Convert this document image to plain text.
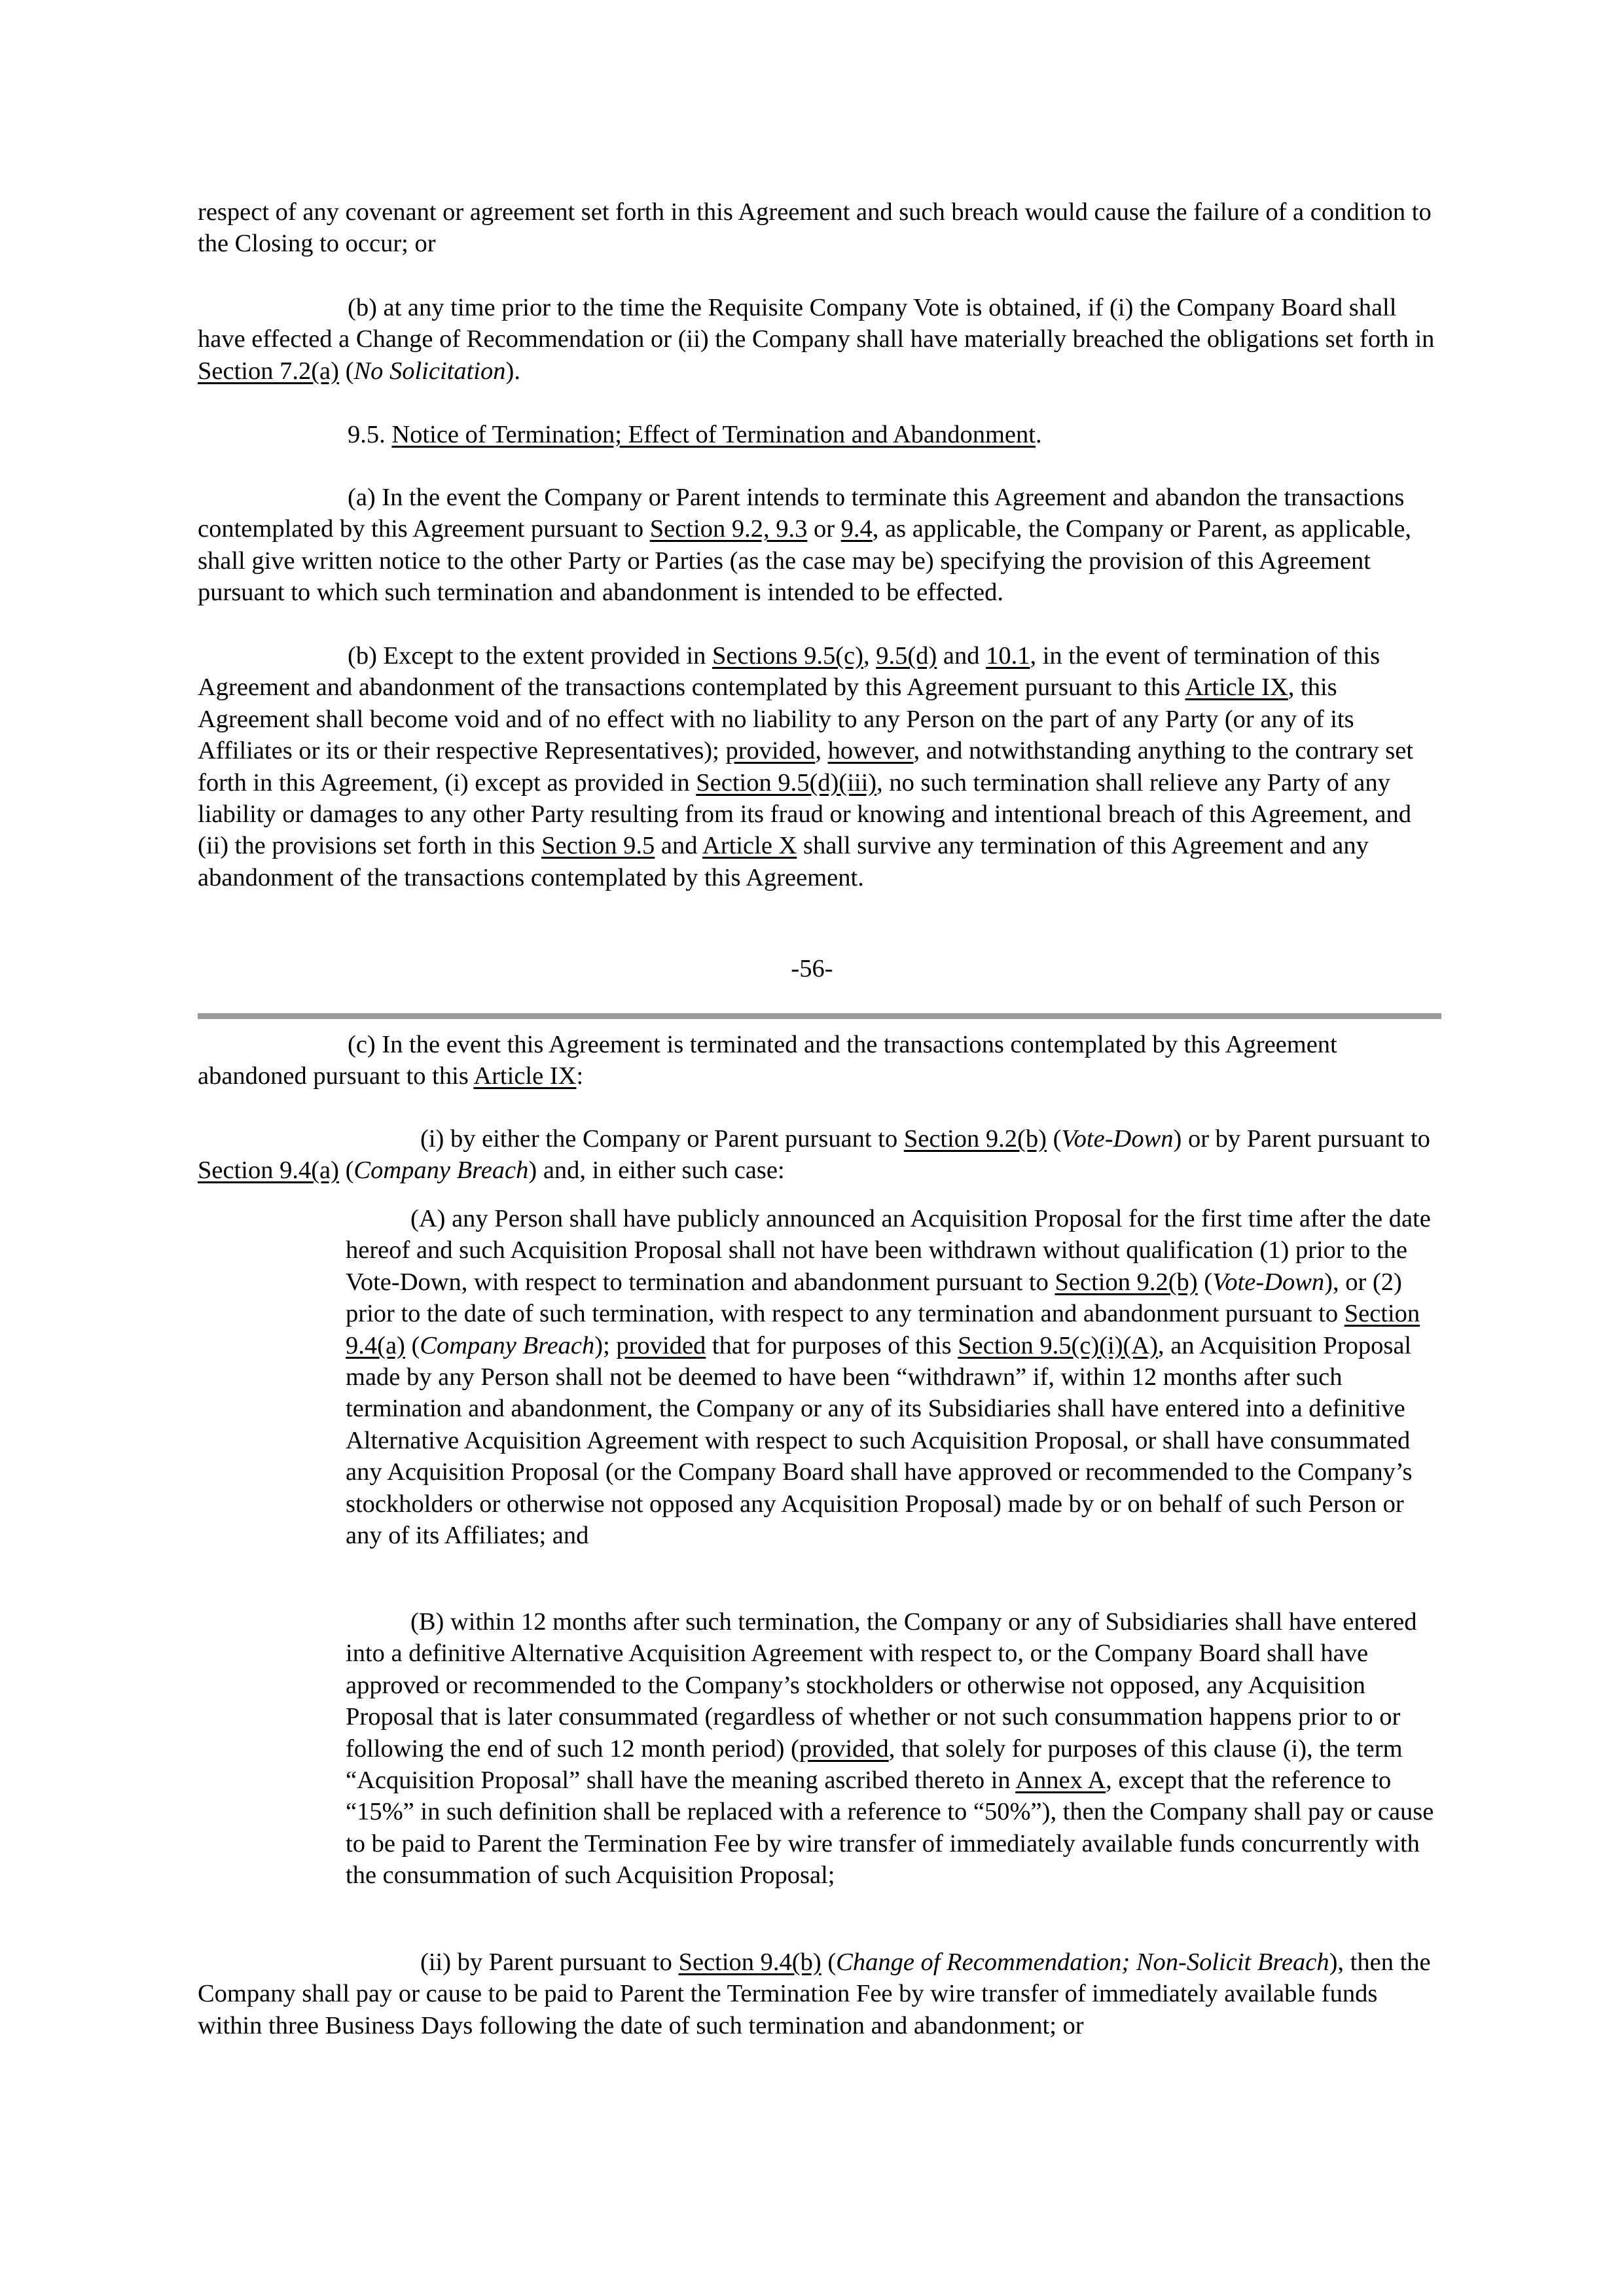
respect of any covenant or agreement set forth in this Agreement and such breach would cause the failure of a condition to the Closing to occur; or

(b) at any time prior to the time the Requisite Company Vote is obtained, if (i) the Company Board shall have effected a Change of Recommendation or (ii) the Company shall have materially breached the obligations set forth in Section 7.2(a) (No Solicitation).

9.5. Notice of Termination; Effect of Termination and Abandonment.

(a) In the event the Company or Parent intends to terminate this Agreement and abandon the transactions contemplated by this Agreement pursuant to Section 9.2, 9.3 or 9.4, as applicable, the Company or Parent, as applicable, shall give written notice to the other Party or Parties (as the case may be) specifying the provision of this Agreement pursuant to which such termination and abandonment is intended to be effected.

(b) Except to the extent provided in Sections 9.5(c), 9.5(d) and 10.1, in the event of termination of this Agreement and abandonment of the transactions contemplated by this Agreement pursuant to this Article IX, this Agreement shall become void and of no effect with no liability to any Person on the part of any Party (or any of its Affiliates or its or their respective Representatives); provided, however, and notwithstanding anything to the contrary set forth in this Agreement, (i) except as provided in Section 9.5(d)(iii), no such termination shall relieve any Party of any liability or damages to any other Party resulting from its fraud or knowing and intentional breach of this Agreement, and (ii) the provisions set forth in this Section 9.5 and Article X shall survive any termination of this Agreement and any abandonment of the transactions contemplated by this Agreement.

-56-

(c) In the event this Agreement is terminated and the transactions contemplated by this Agreement abandoned pursuant to this Article IX:

(i) by either the Company or Parent pursuant to Section 9.2(b) (Vote-Down) or by Parent pursuant to Section 9.4(a) (Company Breach) and, in either such case:

(A) any Person shall have publicly announced an Acquisition Proposal for the first time after the date hereof and such Acquisition Proposal shall not have been withdrawn without qualification (1) prior to the Vote-Down, with respect to termination and abandonment pursuant to Section 9.2(b) (Vote-Down), or (2) prior to the date of such termination, with respect to any termination and abandonment pursuant to Section 9.4(a) (Company Breach); provided that for purposes of this Section 9.5(c)(i)(A), an Acquisition Proposal made by any Person shall not be deemed to have been “withdrawn” if, within 12 months after such termination and abandonment, the Company or any of its Subsidiaries shall have entered into a definitive Alternative Acquisition Agreement with respect to such Acquisition Proposal, or shall have consummated any Acquisition Proposal (or the Company Board shall have approved or recommended to the Company’s stockholders or otherwise not opposed any Acquisition Proposal) made by or on behalf of such Person or any of its Affiliates; and

(B) within 12 months after such termination, the Company or any of Subsidiaries shall have entered into a definitive Alternative Acquisition Agreement with respect to, or the Company Board shall have approved or recommended to the Company’s stockholders or otherwise not opposed, any Acquisition Proposal that is later consummated (regardless of whether or not such consummation happens prior to or following the end of such 12 month period) (provided, that solely for purposes of this clause (i), the term “Acquisition Proposal” shall have the meaning ascribed thereto in Annex A, except that the reference to “15%” in such definition shall be replaced with a reference to “50%”), then the Company shall pay or cause to be paid to Parent the Termination Fee by wire transfer of immediately available funds concurrently with the consummation of such Acquisition Proposal;

(ii) by Parent pursuant to Section 9.4(b) (Change of Recommendation; Non-Solicit Breach), then the Company shall pay or cause to be paid to Parent the Termination Fee by wire transfer of immediately available funds within three Business Days following the date of such termination and abandonment; or
